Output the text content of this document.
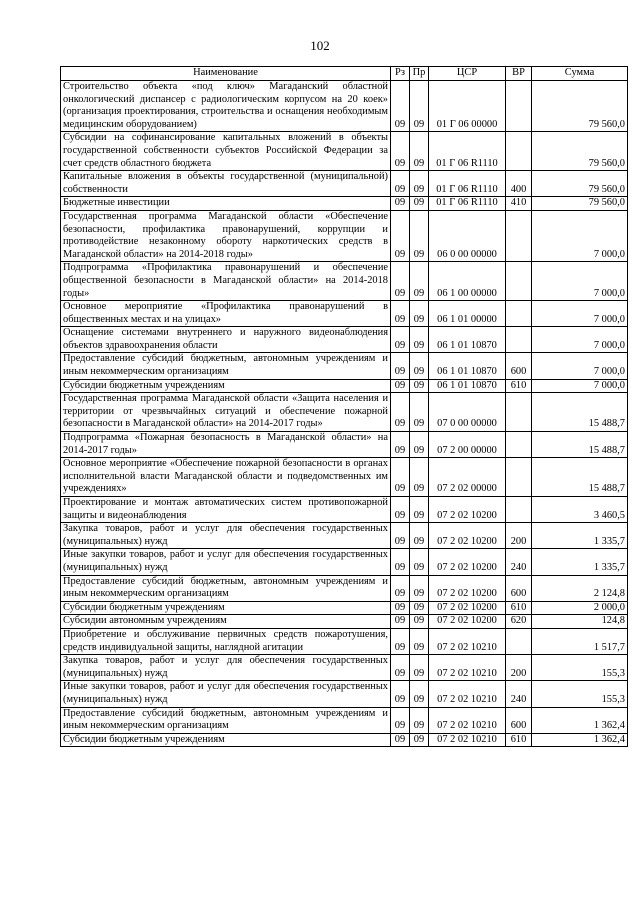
102
Наименование	Рз	Пр	ЦСР	ВР	Сумма
Строительство объекта «под ключ» Магаданский областной онкологический диспансер с радиологическим корпусом на 20 коек» (организация проектирования, строительства и оснащения необходимым медицинским оборудованием)	09	09	01 Г 06 00000		79 560,0
Субсидии на софинансирование капитальных вложений в объекты государственной собственности субъектов Российской Федерации за счет средств областного бюджета	09	09	01 Г 06 R1110		79 560,0
Капитальные вложения в объекты государственной (муниципальной) собственности	09	09	01 Г 06 R1110	400	79 560,0
Бюджетные инвестиции	09	09	01 Г 06 R1110	410	79 560,0
Государственная программа Магаданской области «Обеспечение безопасности, профилактика правонарушений, коррупции и противодействие незаконному обороту наркотических средств в Магаданской области» на 2014-2018 годы»	09	09	06 0 00 00000		7 000,0
Подпрограмма «Профилактика правонарушений и обеспечение общественной безопасности в Магаданской области» на 2014-2018 годы»	09	09	06 1 00 00000		7 000,0
Основное мероприятие «Профилактика правонарушений в общественных местах и на улицах»	09	09	06 1 01 00000		7 000,0
Оснащение системами внутреннего и наружного видеонаблюдения объектов здравоохранения области	09	09	06 1 01 10870		7 000,0
Предоставление субсидий бюджетным, автономным учреждениям и иным некоммерческим организациям	09	09	06 1 01 10870	600	7 000,0
Субсидии бюджетным учреждениям	09	09	06 1 01 10870	610	7 000,0
Государственная программа Магаданской области «Защита населения и территории от чрезвычайных ситуаций и обеспечение пожарной безопасности в Магаданской области» на 2014-2017 годы»	09	09	07 0 00 00000		15 488,7
Подпрограмма «Пожарная безопасность в Магаданской области» на 2014-2017 годы»	09	09	07 2 00 00000		15 488,7
Основное мероприятие «Обеспечение пожарной безопасности в органах исполнительной власти Магаданской области и подведомственных им учреждениях»	09	09	07 2 02 00000		15 488,7
Проектирование и монтаж автоматических систем противопожарной защиты и видеонаблюдения	09	09	07 2 02 10200		3 460,5
Закупка товаров, работ и услуг для обеспечения государственных (муниципальных) нужд	09	09	07 2 02 10200	200	1 335,7
Иные закупки товаров, работ и услуг для обеспечения государственных (муниципальных) нужд	09	09	07 2 02 10200	240	1 335,7
Предоставление субсидий бюджетным, автономным учреждениям и иным некоммерческим организациям	09	09	07 2 02 10200	600	2 124,8
Субсидии бюджетным учреждениям	09	09	07 2 02 10200	610	2 000,0
Субсидии автономным учреждениям	09	09	07 2 02 10200	620	124,8
Приобретение и обслуживание первичных средств пожаротушения, средств индивидуальной защиты, наглядной агитации	09	09	07 2 02 10210		1 517,7
Закупка товаров, работ и услуг для обеспечения государственных (муниципальных) нужд	09	09	07 2 02 10210	200	155,3
Иные закупки товаров, работ и услуг для обеспечения государственных (муниципальных) нужд	09	09	07 2 02 10210	240	155,3
Предоставление субсидий бюджетным, автономным учреждениям и иным некоммерческим организациям	09	09	07 2 02 10210	600	1 362,4
Субсидии бюджетным учреждениям	09	09	07 2 02 10210	610	1 362,4
